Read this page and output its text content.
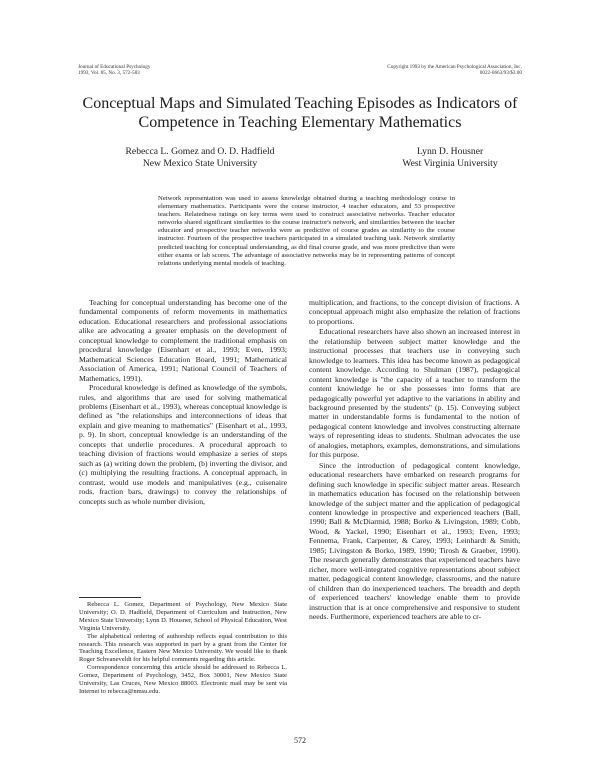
Journal of Educational Psychology
1993, Vol. 85, No. 3, 572-583
Copyright 1993 by the American Psychological Association, Inc.
0022-0663/93/$3.00
Conceptual Maps and Simulated Teaching Episodes as Indicators of
Competence in Teaching Elementary Mathematics
Rebecca L. Gomez and O. D. Hadfield
New Mexico State University
Lynn D. Housner
West Virginia University
Network representation was used to assess knowledge obtained during a teaching methodology course in elementary mathematics. Participants were the course instructor, 4 teacher educators, and 53 prospective teachers. Relatedness ratings on key terms were used to construct associative networks. Teacher educator networks shared significant similarities to the course instructor's network, and similarities between the teacher educator and prospective teacher networks were as predictive of course grades as similarity to the course instructor. Fourteen of the prospective teachers participated in a simulated teaching task. Network similarity predicted teaching for conceptual understanding, as did final course grade, and was more predictive than were either exams or lab scores. The advantage of associative networks may be in representing patterns of concept relations underlying mental models of teaching.

Teaching for conceptual understanding has become one of the fundamental components of reform movements in mathematics education. Educational researchers and professional associations alike are advocating a greater emphasis on the development of conceptual knowledge to complement the traditional emphasis on procedural knowledge (Eisenhart et al., 1993; Even, 1993; Mathematical Sciences Education Board, 1991; Mathematical Association of America, 1991; National Council of Teachers of Mathematics, 1991).

Procedural knowledge is defined as knowledge of the symbols, rules, and algorithms that are used for solving mathematical problems (Eisenhart et al., 1993), whereas conceptual knowledge is defined as "the relationships and interconnections of ideas that explain and give meaning to mathematics" (Eisenhart et al., 1993, p. 9). In short, conceptual knowledge is an understanding of the concepts that underlie procedures. A procedural approach to teaching division of fractions would emphasize a series of steps such as (a) writing down the problem, (b) inverting the divisor, and (c) multiplying the resulting fractions. A conceptual approach, in contrast, would use models and manipulatives (e.g., cuisenaire rods, fraction bars, drawings) to convey the relationships of concepts such as whole number division,

multiplication, and fractions, to the concept division of fractions. A conceptual approach might also emphasize the relation of fractions to proportions.

Educational researchers have also shown an increased interest in the relationship between subject matter knowledge and the instructional processes that teachers use in conveying such knowledge to learners. This idea has become known as pedagogical content knowledge. According to Shulman (1987), pedagogical content knowledge is "the capacity of a teacher to transform the content knowledge he or she possesses into forms that are pedagogically powerful yet adaptive to the variations in ability and background presented by the students" (p. 15). Conveying subject matter in understandable forms is fundamental to the notion of pedagogical content knowledge and involves constructing alternate ways of representing ideas to students. Shulman advocates the use of analogies, metaphors, examples, demonstrations, and simulations for this purpose.

Since the introduction of pedagogical content knowledge, educational researchers have embarked on research programs for defining such knowledge in specific subject matter areas. Research in mathematics education has focused on the relationship between knowledge of the subject matter and the application of pedagogical content knowledge in prospective and experienced teachers (Ball, 1990; Ball & McDiarmid, 1988; Borko & Livingston, 1989; Cobb, Wood, & Yackel, 1990; Eisenhart et al., 1993; Even, 1993; Fennema, Frank, Carpenter, & Carey, 1993; Leinhardt & Smith, 1985; Livingston & Borko, 1989, 1990; Tirosh & Graeber, 1990). The research generally demonstrates that experienced teachers have richer, more well-integrated cognitive representations about subject matter, pedagogical content knowledge, classrooms, and the nature of children than do inexperienced teachers. The breadth and depth of experienced teachers' knowledge enable them to provide instruction that is at once comprehensive and responsive to student needs. Furthermore, experienced teachers are able to cr-

Rebecca L. Gomez, Department of Psychology, New Mexico State University; O. D. Hadfield, Department of Curriculum and Instruction, New Mexico State University; Lynn D. Housner, School of Physical Education, West Virginia University.

The alphabetical ordering of authorship reflects equal contribution to this research. This research was supported in part by a grant from the Center for Teaching Excellence, Eastern New Mexico University. We would like to thank Roger Schvaneveldt for his helpful comments regarding this article.

Correspondence concerning this article should be addressed to Rebecca L. Gomez, Department of Psychology, 3452, Box 30001, New Mexico State University, Las Cruces, New Mexico 88003. Electronic mail may be sent via Internet to rebecca@nmsu.edu.

572
